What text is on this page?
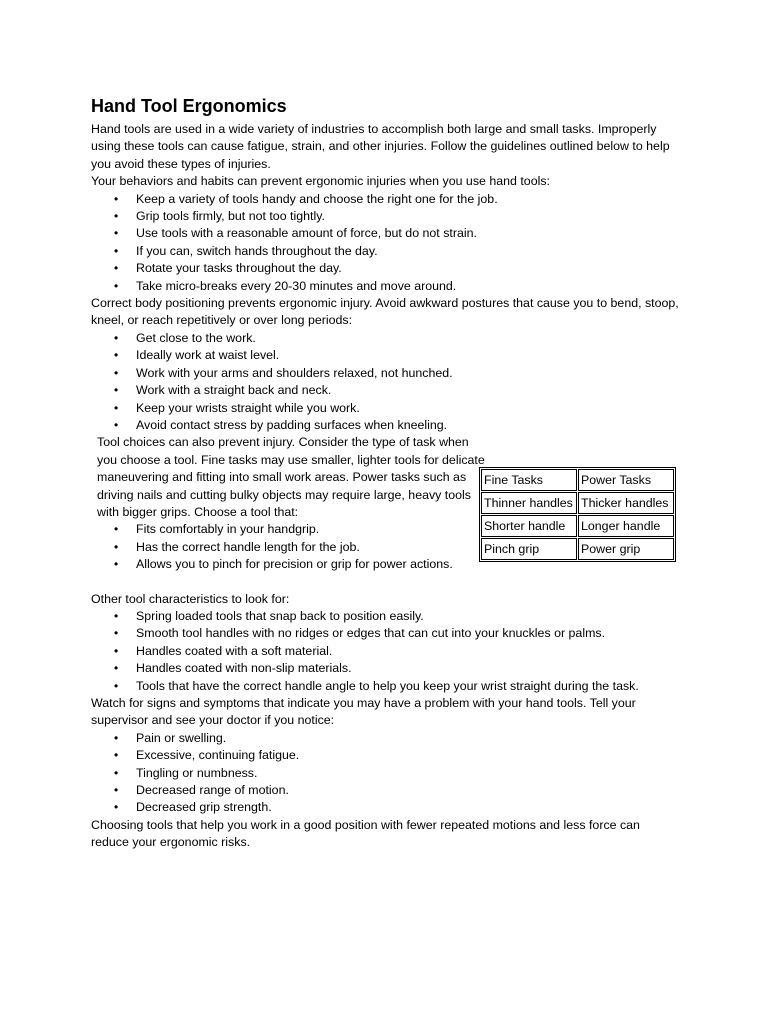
Hand Tool Ergonomics

Hand tools are used in a wide variety of industries to accomplish both large and small tasks. Improperly using these tools can cause fatigue, strain, and other injuries. Follow the guidelines outlined below to help you avoid these types of injuries.

Your behaviors and habits can prevent ergonomic injuries when you use hand tools:

• Keep a variety of tools handy and choose the right one for the job.
• Grip tools firmly, but not too tightly.
• Use tools with a reasonable amount of force, but do not strain.
• If you can, switch hands throughout the day.
• Rotate your tasks throughout the day.
• Take micro-breaks every 20-30 minutes and move around.

Correct body positioning prevents ergonomic injury. Avoid awkward postures that cause you to bend, stoop, kneel, or reach repetitively or over long periods:

• Get close to the work.
• Ideally work at waist level.
• Work with your arms and shoulders relaxed, not hunched.
• Work with a straight back and neck.
• Keep your wrists straight while you work.
• Avoid contact stress by padding surfaces when kneeling.

Tool choices can also prevent injury. Consider the type of task when you choose a tool. Fine tasks may use smaller, lighter tools for delicate maneuvering and fitting into small work areas. Power tasks such as driving nails and cutting bulky objects may require large, heavy tools with bigger grips. Choose a tool that:

• Fits comfortably in your handgrip.
• Has the correct handle length for the job.
• Allows you to pinch for precision or grip for power actions.
Fine Tasks	Power Tasks
Thinner handles	Thicker handles
Shorter handle	Longer handle
Pinch grip	Power grip

Other tool characteristics to look for:

• Spring loaded tools that snap back to position easily.
• Smooth tool handles with no ridges or edges that can cut into your knuckles or palms.
• Handles coated with a soft material.
• Handles coated with non-slip materials.
• Tools that have the correct handle angle to help you keep your wrist straight during the task.

Watch for signs and symptoms that indicate you may have a problem with your hand tools. Tell your supervisor and see your doctor if you notice:

• Pain or swelling.
• Excessive, continuing fatigue.
• Tingling or numbness.
• Decreased range of motion.
• Decreased grip strength.

Choosing tools that help you work in a good position with fewer repeated motions and less force can reduce your ergonomic risks.
